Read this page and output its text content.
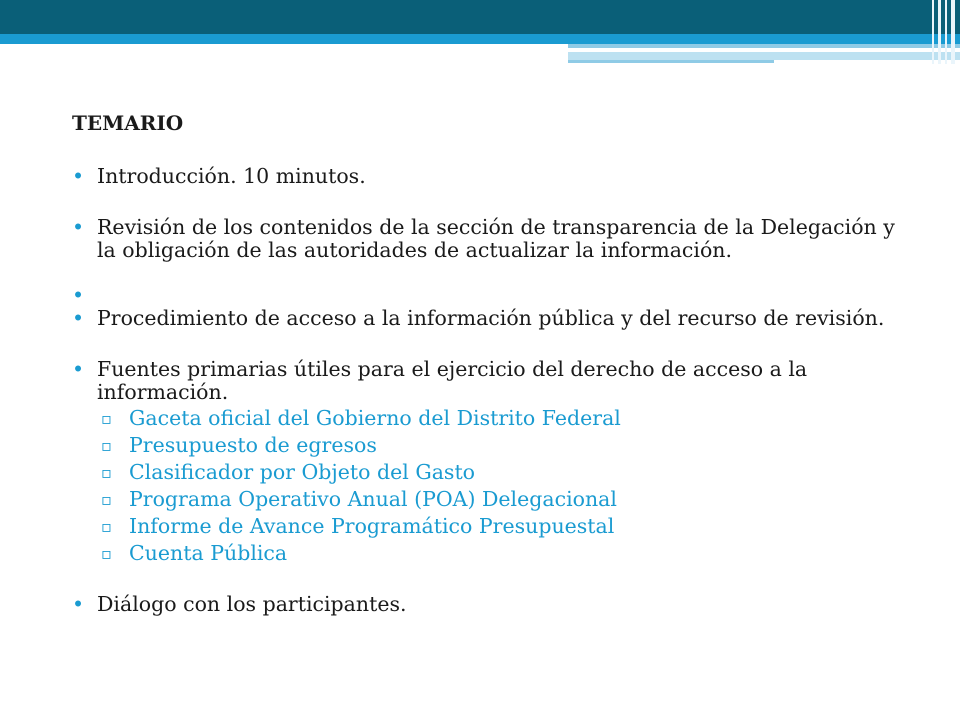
TEMARIO
• Introducción. 10 minutos.
• Revisión de los contenidos de la sección de transparencia de la Delegación y la obligación de las autoridades de actualizar la información.
•
• Procedimiento de acceso a la información pública y del recurso de revisión.
• Fuentes primarias útiles para el ejercicio del derecho de acceso a la información.
▫ Gaceta oficial del Gobierno del Distrito Federal
▫ Presupuesto de egresos
▫ Clasificador por Objeto del Gasto
▫ Programa Operativo Anual (POA) Delegacional
▫ Informe de Avance Programático Presupuestal
▫ Cuenta Pública
• Diálogo con los participantes.
